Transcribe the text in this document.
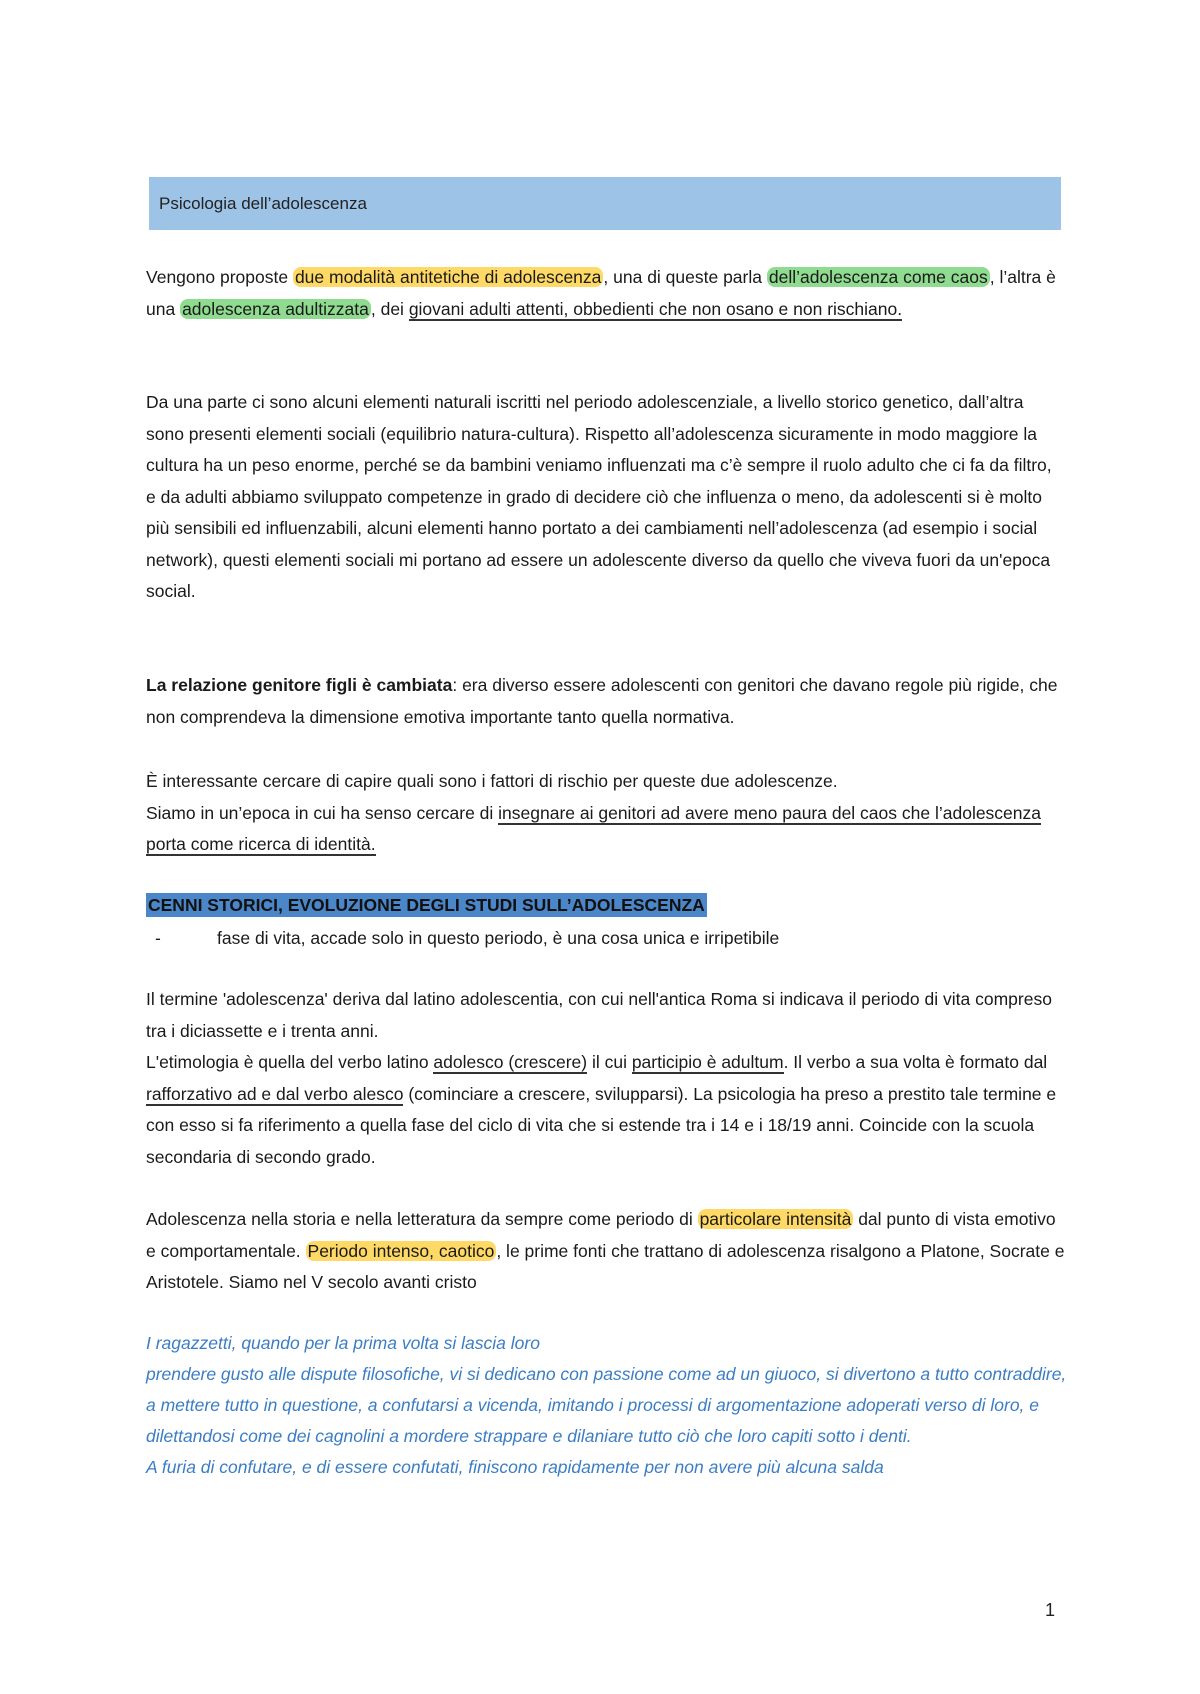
Psicologia dell’adolescenza

Vengono proposte due modalità antitetiche di adolescenza , una di queste parla dell’adolescenza come caos , l’altra è una adolescenza adultizzata , dei giovani adulti attenti, obbedienti che non osano e non rischiano.

Da una parte ci sono alcuni elementi naturali iscritti nel periodo adolescenziale, a livello storico genetico, dall’altra sono presenti elementi sociali (equilibrio natura-cultura). Rispetto all’adolescenza sicuramente in modo maggiore la cultura ha un peso enorme, perché se da bambini veniamo influenzati ma c’è sempre il ruolo adulto che ci fa da filtro, e da adulti abbiamo sviluppato competenze in grado di decidere ciò che influenza o meno, da adolescenti si è molto più sensibili ed influenzabili, alcuni elementi hanno portato a dei cambiamenti nell’adolescenza (ad esempio i social network), questi elementi sociali mi portano ad essere un adolescente diverso da quello che viveva fuori da un'epoca social.

La relazione genitore figli è cambiata: era diverso essere adolescenti con genitori che davano regole più rigide, che non comprendeva la dimensione emotiva importante tanto quella normativa.

È interessante cercare di capire quali sono i fattori di rischio per queste due adolescenze.
Siamo in un’epoca in cui ha senso cercare di insegnare ai genitori ad avere meno paura del caos che l’adolescenza porta come ricerca di identità.

CENNI STORICI, EVOLUZIONE DEGLI STUDI SULL’ADOLESCENZA
-	fase di vita, accade solo in questo periodo, è una cosa unica e irripetibile

Il termine 'adolescenza' deriva dal latino adolescentia, con cui nell'antica Roma si indicava il periodo di vita compreso tra i diciassette e i trenta anni.
L'etimologia è quella del verbo latino adolesco (crescere) il cui participio è adultum. Il verbo a sua volta è formato dal rafforzativo ad e dal verbo alesco (cominciare a crescere, svilupparsi). La psicologia ha preso a prestito tale termine e con esso si fa riferimento a quella fase del ciclo di vita che si estende tra i 14 e i 18/19 anni. Coincide con la scuola secondaria di secondo grado.

Adolescenza nella storia e nella letteratura da sempre come periodo di particolare intensità dal punto di vista emotivo e comportamentale. Periodo intenso, caotico , le prime fonti che trattano di adolescenza risalgono a Platone, Socrate e Aristotele. Siamo nel V secolo avanti cristo

I ragazzetti, quando per la prima volta si lascia loro
prendere gusto alle dispute filosofiche, vi si dedicano con passione come ad un giuoco, si divertono a tutto contraddire, a mettere tutto in questione, a confutarsi a vicenda, imitando i processi di argomentazione adoperati verso di loro, e dilettandosi come dei cagnolini a mordere strappare e dilaniare tutto ciò che loro capiti sotto i denti.
A furia di confutare, e di essere confutati, finiscono rapidamente per non avere più alcuna salda

1
